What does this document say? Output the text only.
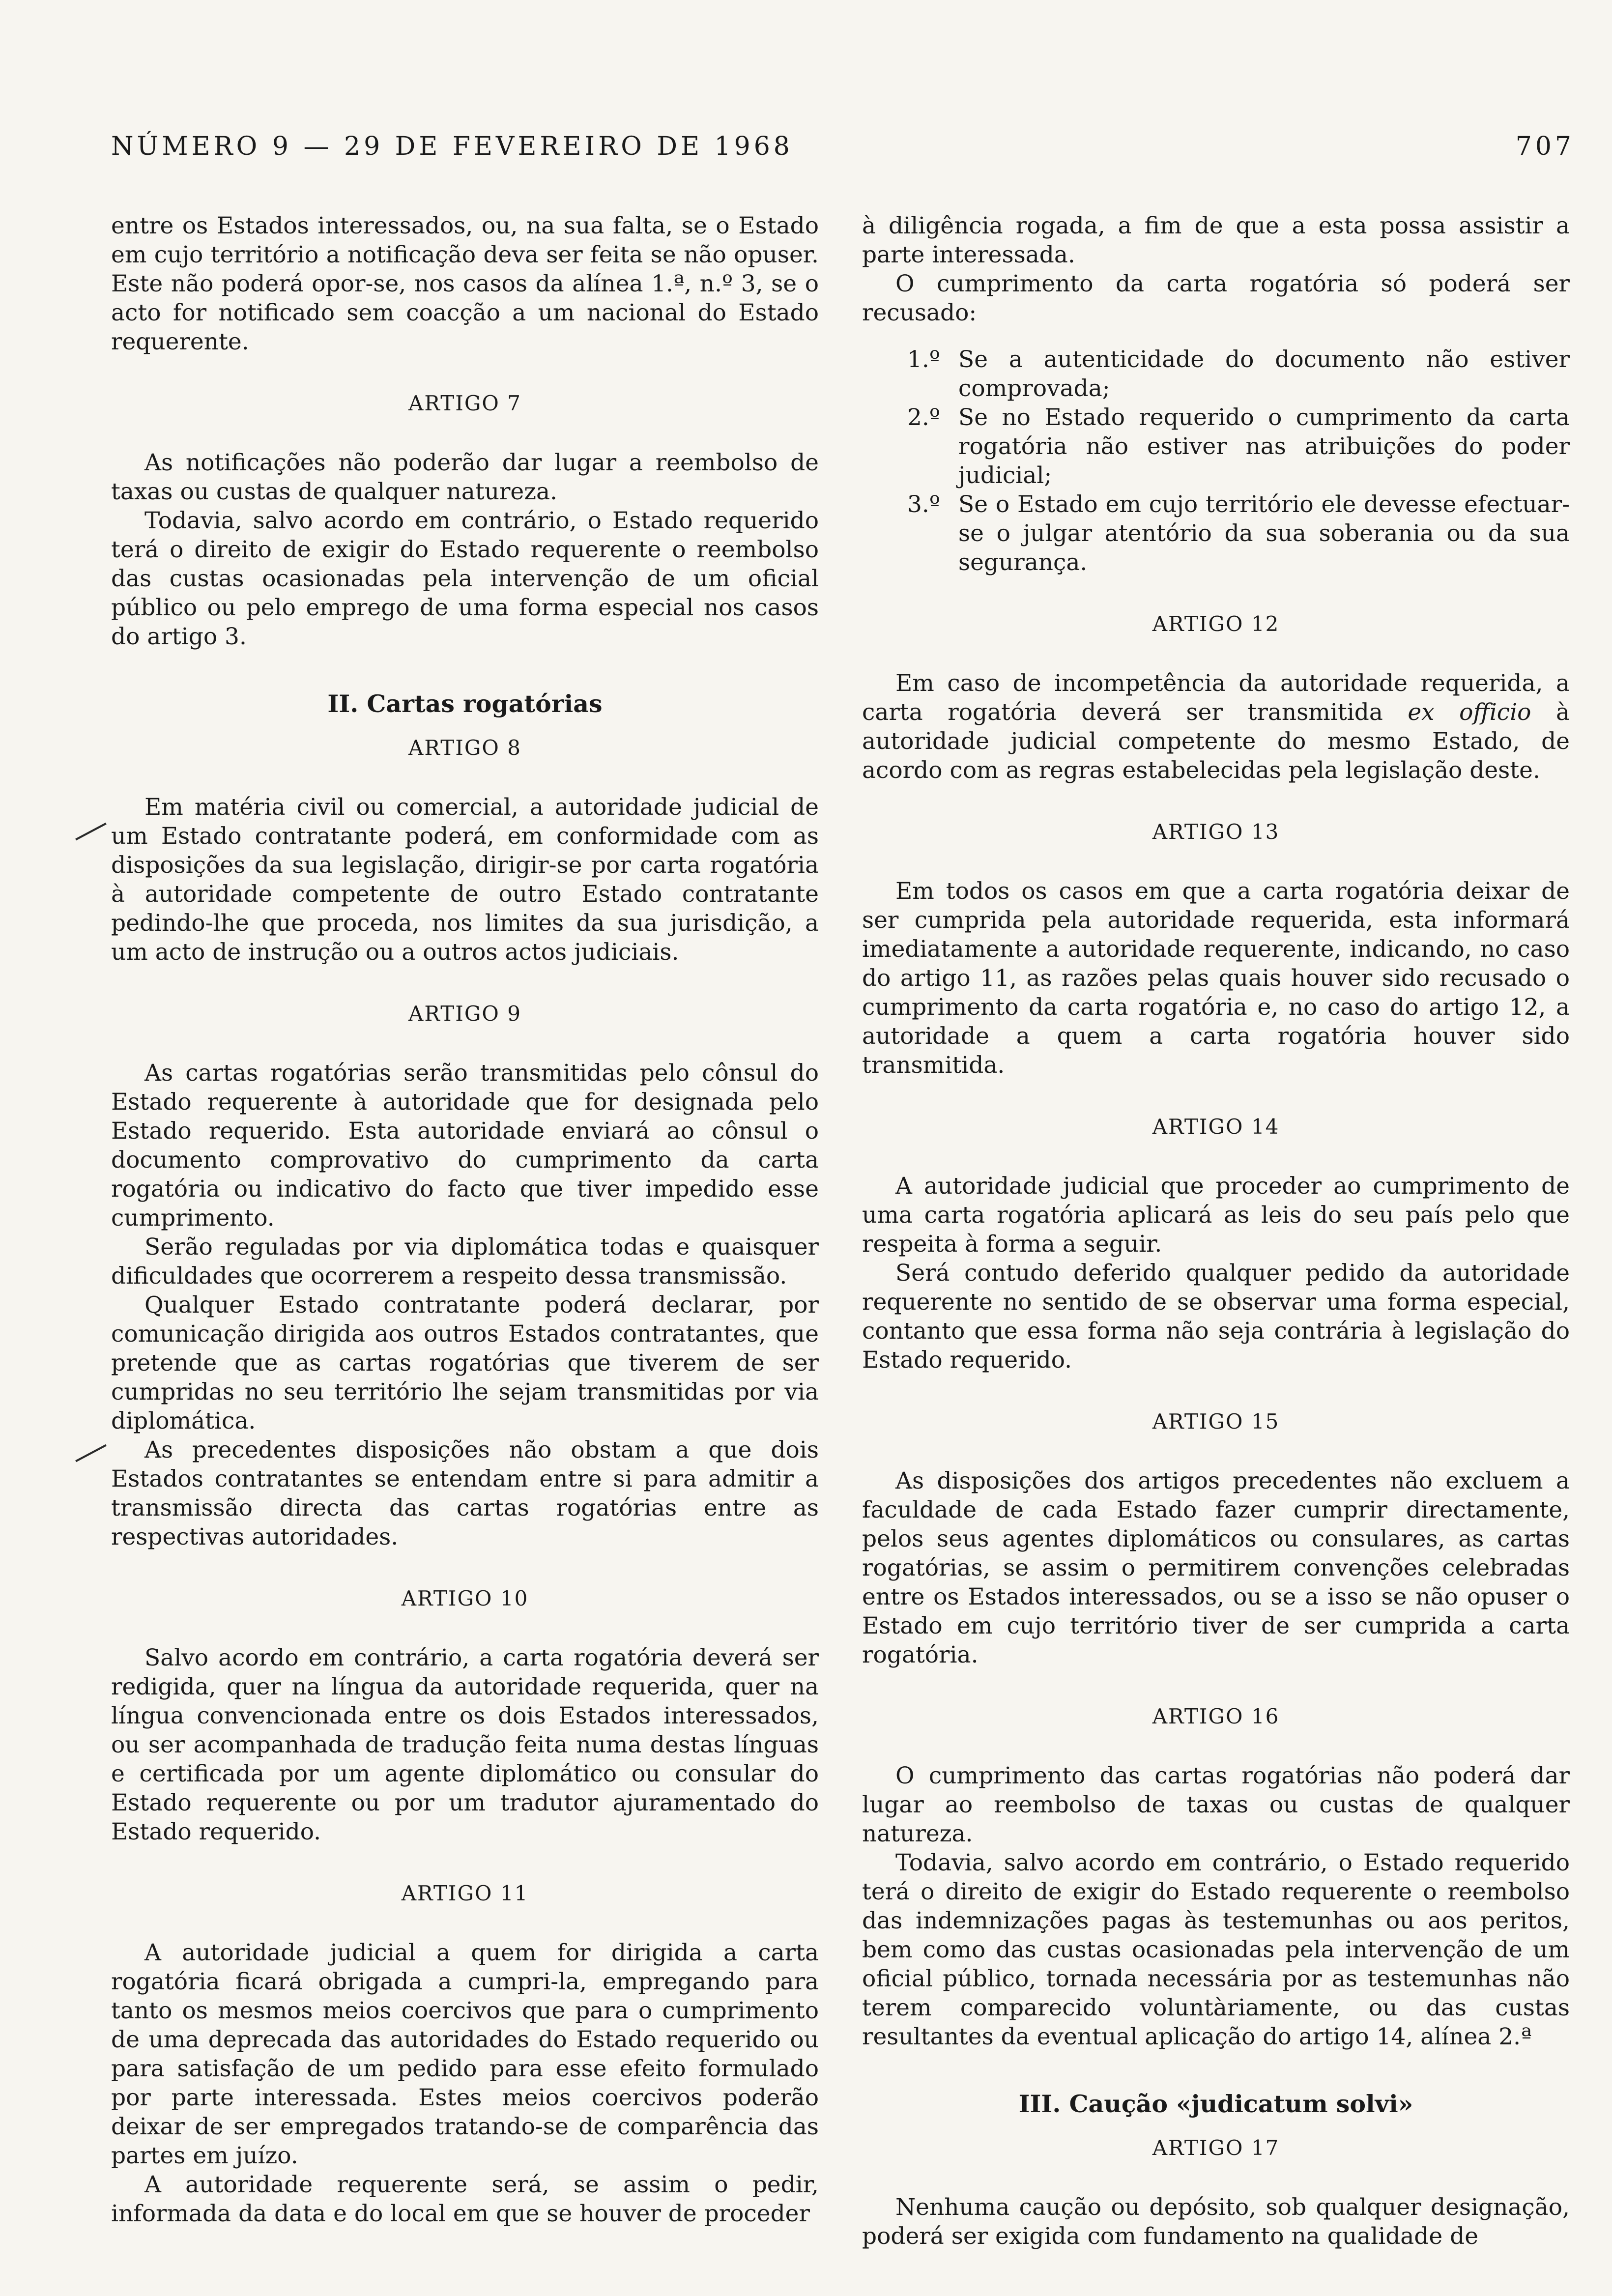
NÚMERO 9 — 29 DE FEVEREIRO DE 1968	707

entre os Estados interessados, ou, na sua falta, se o Estado em cujo território a notificação deva ser feita se não opuser. Este não poderá opor-se, nos casos da alínea 1.ª, n.º 3, se o acto for notificado sem coacção a um nacional do Estado requerente.

ARTIGO 7

As notificações não poderão dar lugar a reembolso de taxas ou custas de qualquer natureza.

Todavia, salvo acordo em contrário, o Estado requerido terá o direito de exigir do Estado requerente o reembolso das custas ocasionadas pela intervenção de um oficial público ou pelo emprego de uma forma especial nos casos do artigo 3.

II. Cartas rogatórias
ARTIGO 8

Em matéria civil ou comercial, a autoridade judicial de um Estado contratante poderá, em conformidade com as disposições da sua legislação, dirigir-se por carta rogatória à autoridade competente de outro Estado contratante pedindo-lhe que proceda, nos limites da sua jurisdição, a um acto de instrução ou a outros actos judiciais.

ARTIGO 9

As cartas rogatórias serão transmitidas pelo cônsul do Estado requerente à autoridade que for designada pelo Estado requerido. Esta autoridade enviará ao cônsul o documento comprovativo do cumprimento da carta rogatória ou indicativo do facto que tiver impedido esse cumprimento.

Serão reguladas por via diplomática todas e quaisquer dificuldades que ocorrerem a respeito dessa transmissão.

Qualquer Estado contratante poderá declarar, por comunicação dirigida aos outros Estados contratantes, que pretende que as cartas rogatórias que tiverem de ser cumpridas no seu território lhe sejam transmitidas por via diplomática.

As precedentes disposições não obstam a que dois Estados contratantes se entendam entre si para admitir a transmissão directa das cartas rogatórias entre as respectivas autoridades.

ARTIGO 10

Salvo acordo em contrário, a carta rogatória deverá ser redigida, quer na língua da autoridade requerida, quer na língua convencionada entre os dois Estados interessados, ou ser acompanhada de tradução feita numa destas línguas e certificada por um agente diplomático ou consular do Estado requerente ou por um tradutor ajuramentado do Estado requerido.

ARTIGO 11

A autoridade judicial a quem for dirigida a carta rogatória ficará obrigada a cumpri-la, empregando para tanto os mesmos meios coercivos que para o cumprimento de uma deprecada das autoridades do Estado requerido ou para satisfação de um pedido para esse efeito formulado por parte interessada. Estes meios coercivos poderão deixar de ser empregados tratando-se de comparência das partes em juízo.

A autoridade requerente será, se assim o pedir, informada da data e do local em que se houver de proceder

à diligência rogada, a fim de que a esta possa assistir a parte interessada.

O cumprimento da carta rogatória só poderá ser recusado:

1.º Se a autenticidade do documento não estiver comprovada;
2.º Se no Estado requerido o cumprimento da carta rogatória não estiver nas atribuições do poder judicial;
3.º Se o Estado em cujo território ele devesse efectuar-se o julgar atentório da sua soberania ou da sua segurança.
ARTIGO 12

Em caso de incompetência da autoridade requerida, a carta rogatória deverá ser transmitida ex officio à autoridade judicial competente do mesmo Estado, de acordo com as regras estabelecidas pela legislação deste.

ARTIGO 13

Em todos os casos em que a carta rogatória deixar de ser cumprida pela autoridade requerida, esta informará imediatamente a autoridade requerente, indicando, no caso do artigo 11, as razões pelas quais houver sido recusado o cumprimento da carta rogatória e, no caso do artigo 12, a autoridade a quem a carta rogatória houver sido transmitida.

ARTIGO 14

A autoridade judicial que proceder ao cumprimento de uma carta rogatória aplicará as leis do seu país pelo que respeita à forma a seguir.

Será contudo deferido qualquer pedido da autoridade requerente no sentido de se observar uma forma especial, contanto que essa forma não seja contrária à legislação do Estado requerido.

ARTIGO 15

As disposições dos artigos precedentes não excluem a faculdade de cada Estado fazer cumprir directamente, pelos seus agentes diplomáticos ou consulares, as cartas rogatórias, se assim o permitirem convenções celebradas entre os Estados interessados, ou se a isso se não opuser o Estado em cujo território tiver de ser cumprida a carta rogatória.

ARTIGO 16

O cumprimento das cartas rogatórias não poderá dar lugar ao reembolso de taxas ou custas de qualquer natureza.

Todavia, salvo acordo em contrário, o Estado requerido terá o direito de exigir do Estado requerente o reembolso das indemnizações pagas às testemunhas ou aos peritos, bem como das custas ocasionadas pela intervenção de um oficial público, tornada necessária por as testemunhas não terem comparecido voluntàriamente, ou das custas resultantes da eventual aplicação do artigo 14, alínea 2.ª

III. Caução «judicatum solvi»
ARTIGO 17

Nenhuma caução ou depósito, sob qualquer designação, poderá ser exigida com fundamento na qualidade de
